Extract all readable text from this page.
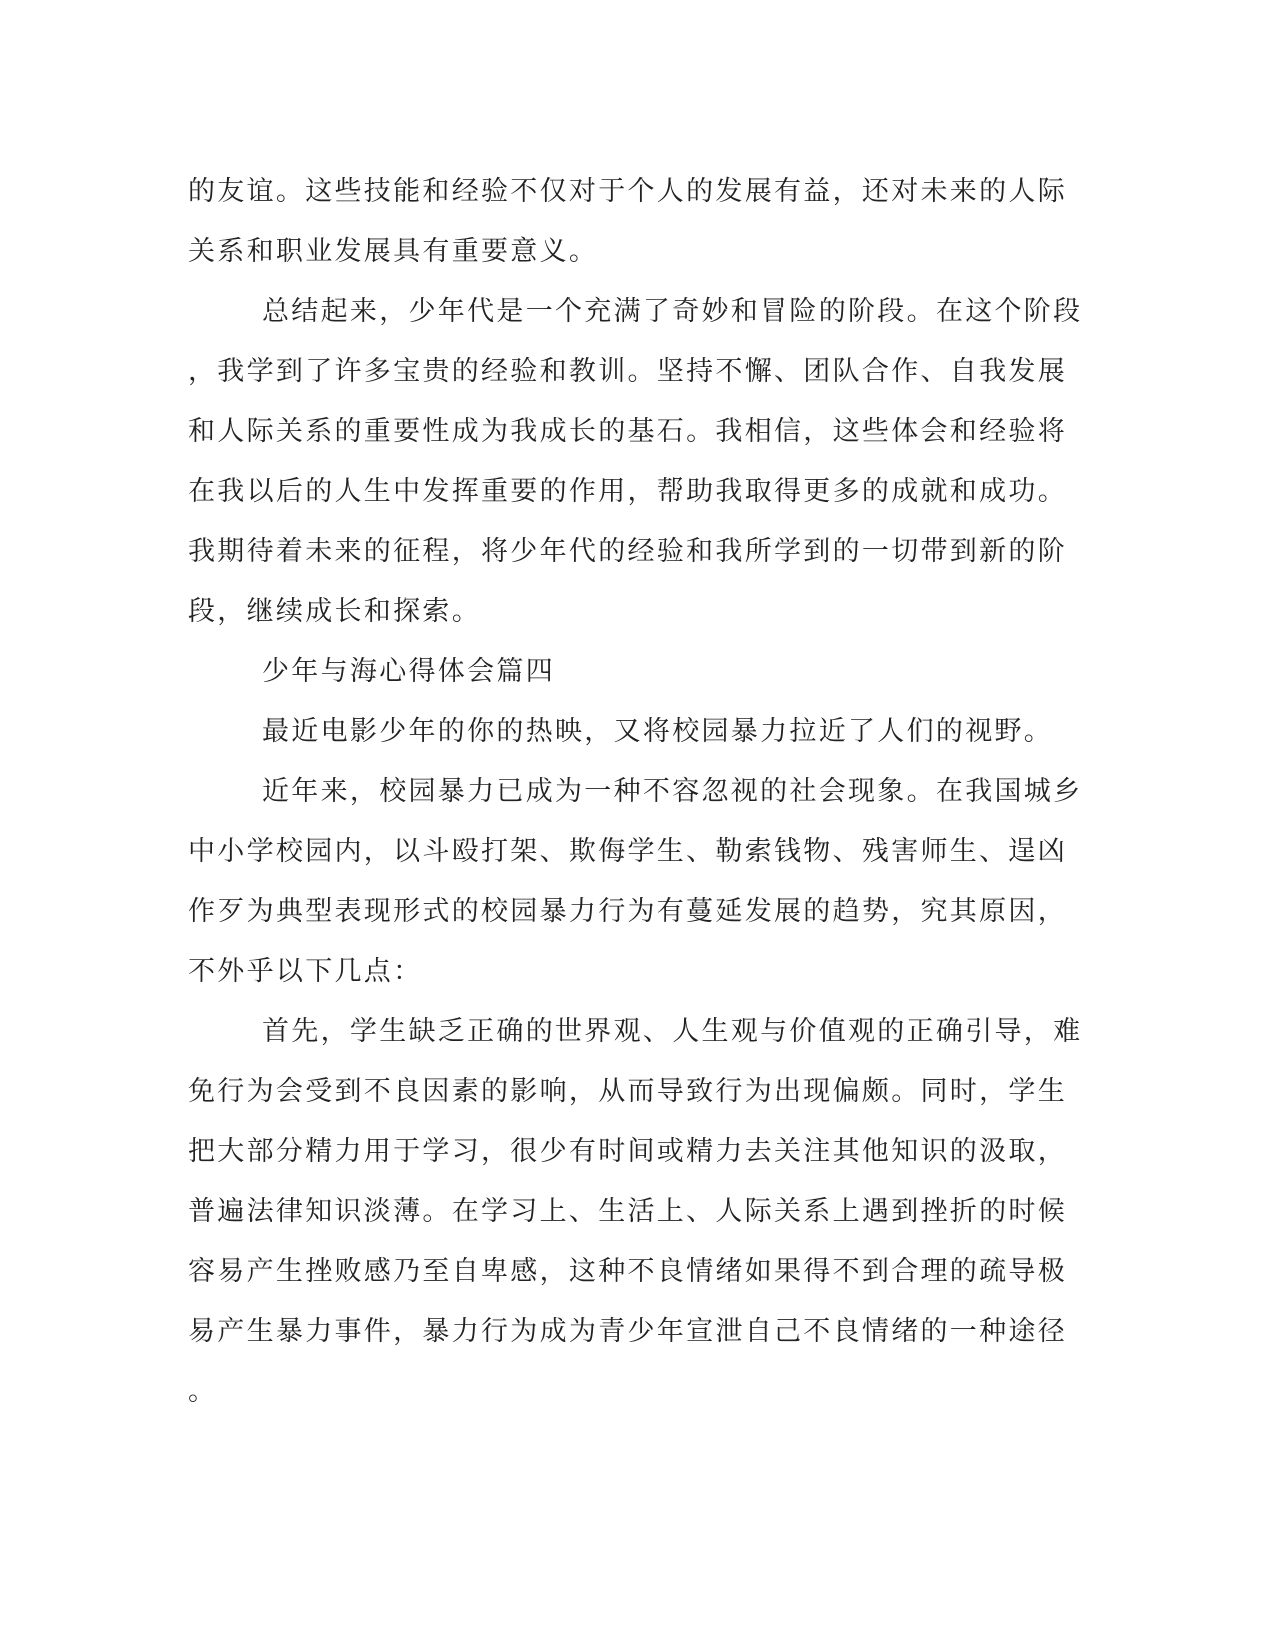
的友谊。这些技能和经验不仅对于个人的发展有益，还对未来的人际
关系和职业发展具有重要意义。
总结起来，少年代是一个充满了奇妙和冒险的阶段。在这个阶段
，我学到了许多宝贵的经验和教训。坚持不懈、团队合作、自我发展
和人际关系的重要性成为我成长的基石。我相信，这些体会和经验将
在我以后的人生中发挥重要的作用，帮助我取得更多的成就和成功。
我期待着未来的征程，将少年代的经验和我所学到的一切带到新的阶
段，继续成长和探索。
少年与海心得体会篇四
最近电影少年的你的热映，又将校园暴力拉近了人们的视野。
近年来，校园暴力已成为一种不容忽视的社会现象。在我国城乡
中小学校园内，以斗殴打架、欺侮学生、勒索钱物、残害师生、逞凶
作歹为典型表现形式的校园暴力行为有蔓延发展的趋势，究其原因，
不外乎以下几点：
首先，学生缺乏正确的世界观、人生观与价值观的正确引导，难
免行为会受到不良因素的影响，从而导致行为出现偏颇。同时，学生
把大部分精力用于学习，很少有时间或精力去关注其他知识的汲取，
普遍法律知识淡薄。在学习上、生活上、人际关系上遇到挫折的时候
容易产生挫败感乃至自卑感，这种不良情绪如果得不到合理的疏导极
易产生暴力事件，暴力行为成为青少年宣泄自己不良情绪的一种途径
。
